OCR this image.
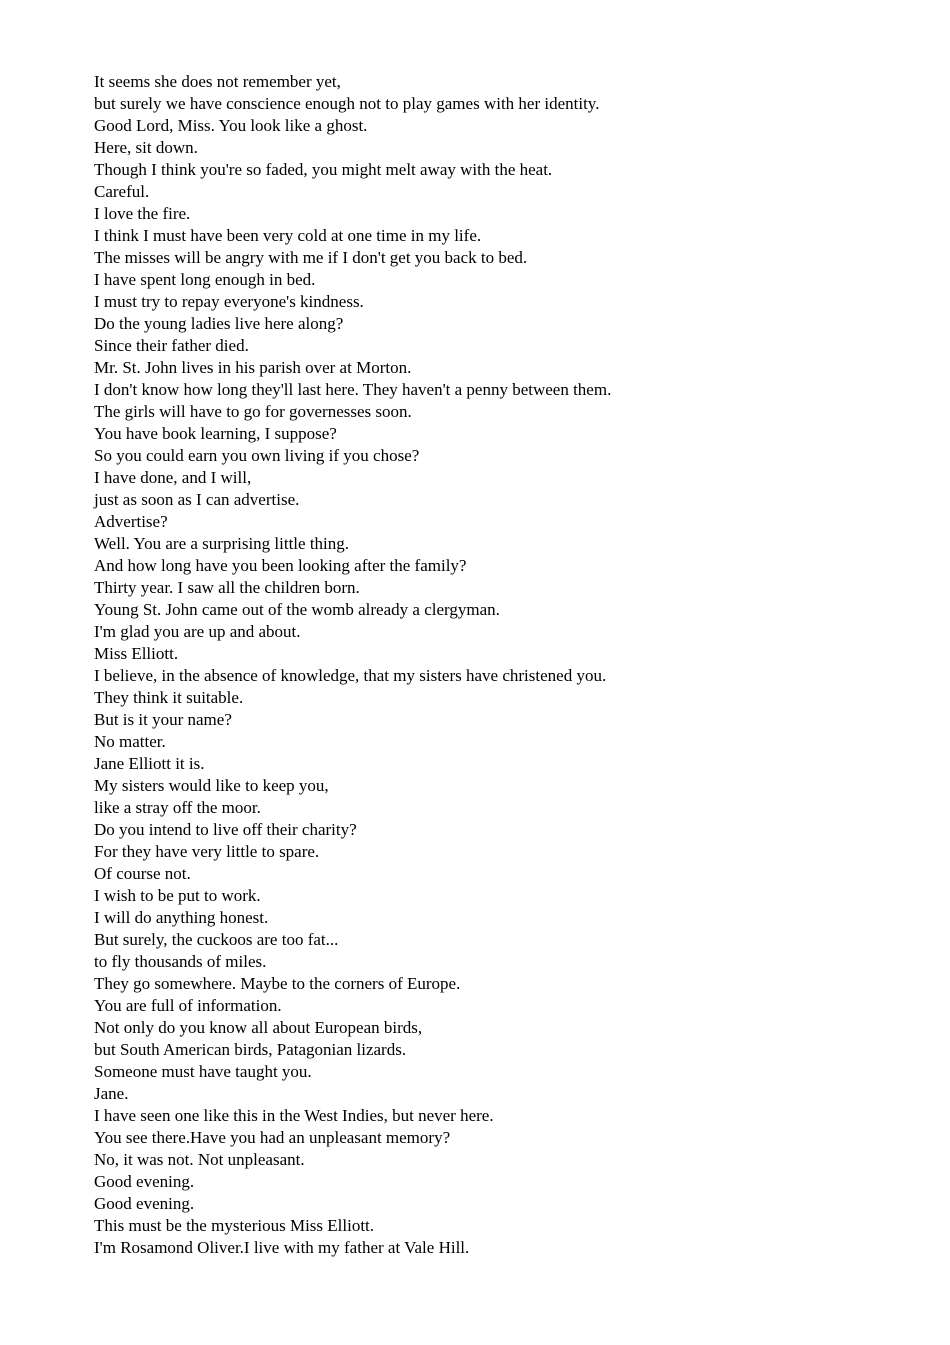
It seems she does not remember yet,
but surely we have conscience enough not to play games with her identity.
Good Lord, Miss. You look like a ghost.
Here, sit down.
Though I think you're so faded, you might melt away with the heat.
Careful.
I love the fire.
I think I must have been very cold at one time in my life.
The misses will be angry with me if I don't get you back to bed.
I have spent long enough in bed.
I must try to repay everyone's kindness.
Do the young ladies live here along?
Since their father died.
Mr. St. John lives in his parish over at Morton.
I don't know how long they'll last here. They haven't a penny between them.
The girls will have to go for governesses soon.
You have book learning, I suppose?
So you could earn you own living if you chose?
I have done, and I will,
just as soon as I can advertise.
Advertise?
Well. You are a surprising little thing.
And how long have you been looking after the family?
Thirty year. I saw all the children born.
Young St. John came out of the womb already a clergyman.
I'm glad you are up and about.
Miss Elliott.
I believe, in the absence of knowledge, that my sisters have christened you.
They think it suitable.
But is it your name?
No matter.
Jane Elliott it is.
My sisters would like to keep you,
like a stray off the moor.
Do you intend to live off their charity?
For they have very little to spare.
Of course not.
I wish to be put to work.
I will do anything honest.
But surely, the cuckoos are too fat...
to fly thousands of miles.
They go somewhere. Maybe to the corners of Europe.
You are full of information.
Not only do you know all about European birds,
but South American birds, Patagonian lizards.
Someone must have taught you.
Jane.
I have seen one like this in the West Indies, but never here.
You see there.Have you had an unpleasant memory?
No, it was not. Not unpleasant.
Good evening.
Good evening.
This must be the mysterious Miss Elliott.
I'm Rosamond Oliver.I live with my father at Vale Hill.
